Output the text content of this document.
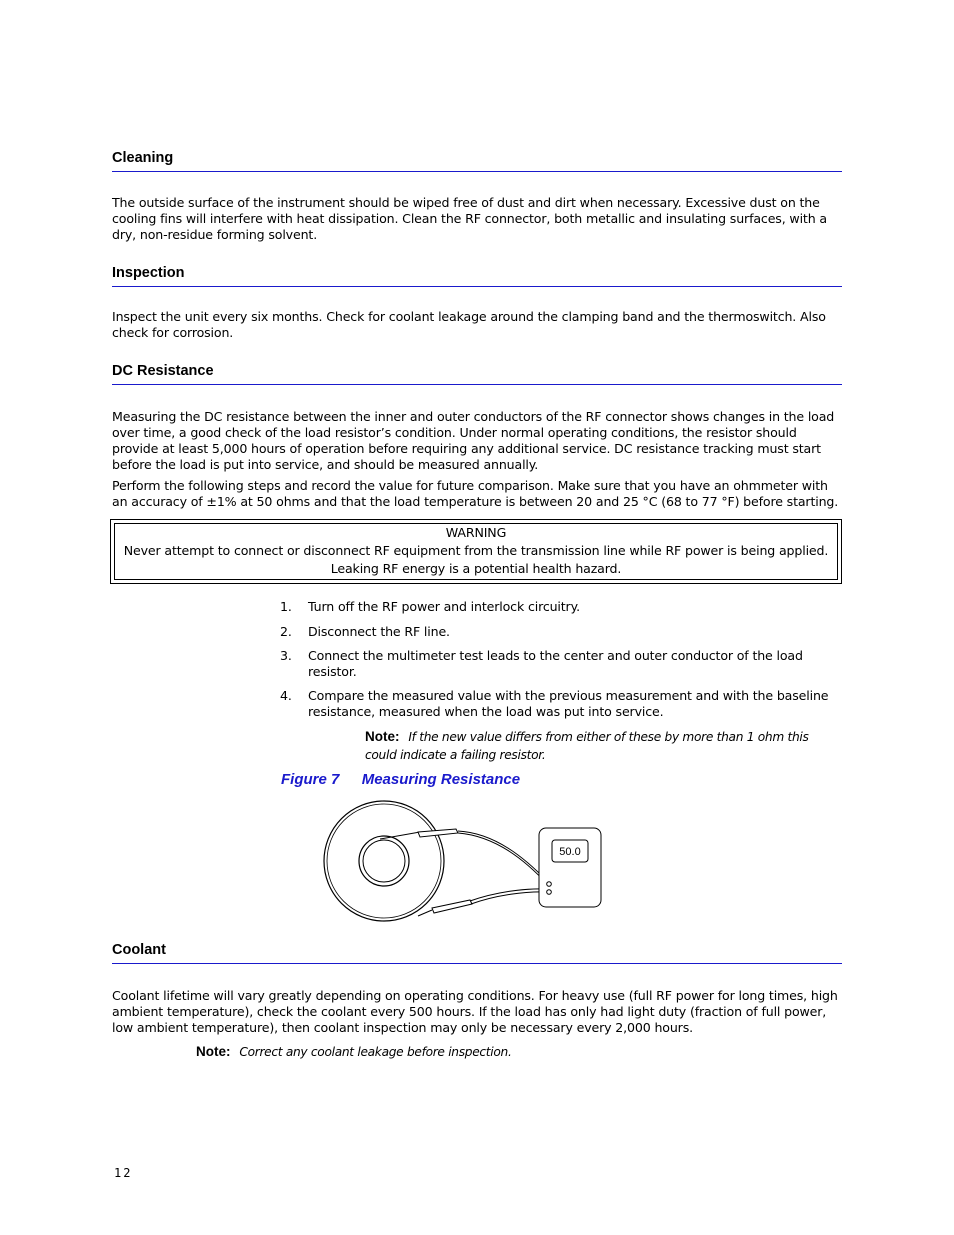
Cleaning
The outside surface of the instrument should be wiped free of dust and dirt when necessary. Excessive dust on the cooling fins will interfere with heat dissipation. Clean the RF connector, both metallic and insulating surfaces, with a dry, non-residue forming solvent.
Inspection
Inspect the unit every six months. Check for coolant leakage around the clamping band and the thermoswitch. Also check for corrosion.
DC Resistance
Measuring the DC resistance between the inner and outer conductors of the RF connector shows changes in the load over time, a good check of the load resistor’s condition. Under normal operating conditions, the resistor should provide at least 5,000 hours of operation before requiring any additional service. DC resistance tracking must start before the load is put into service, and should be measured annually.
Perform the following steps and record the value for future comparison. Make sure that you have an ohmmeter with an accuracy of ±1% at 50 ohms and that the load temperature is between 20 and 25 °C (68 to 77 °F) before starting.
WARNING
Never attempt to connect or disconnect RF equipment from the transmission line while RF power is being applied.
Leaking RF energy is a potential health hazard.
1.	Turn off the RF power and interlock circuitry.
2.	Disconnect the RF line.
3.	Connect the multimeter test leads to the center and outer conductor of the load resistor.
4.	Compare the measured value with the previous measurement and with the baseline resistance, measured when the load was put into service.
Note: If the new value differs from either of these by more than 1 ohm this could indicate a failing resistor.
Figure 7 Measuring Resistance
50.0
Coolant
Coolant lifetime will vary greatly depending on operating conditions. For heavy use (full RF power for long times, high ambient temperature), check the coolant every 500 hours. If the load has only had light duty (fraction of full power, low ambient temperature), then coolant inspection may only be necessary every 2,000 hours.
Note: Correct any coolant leakage before inspection.
12
